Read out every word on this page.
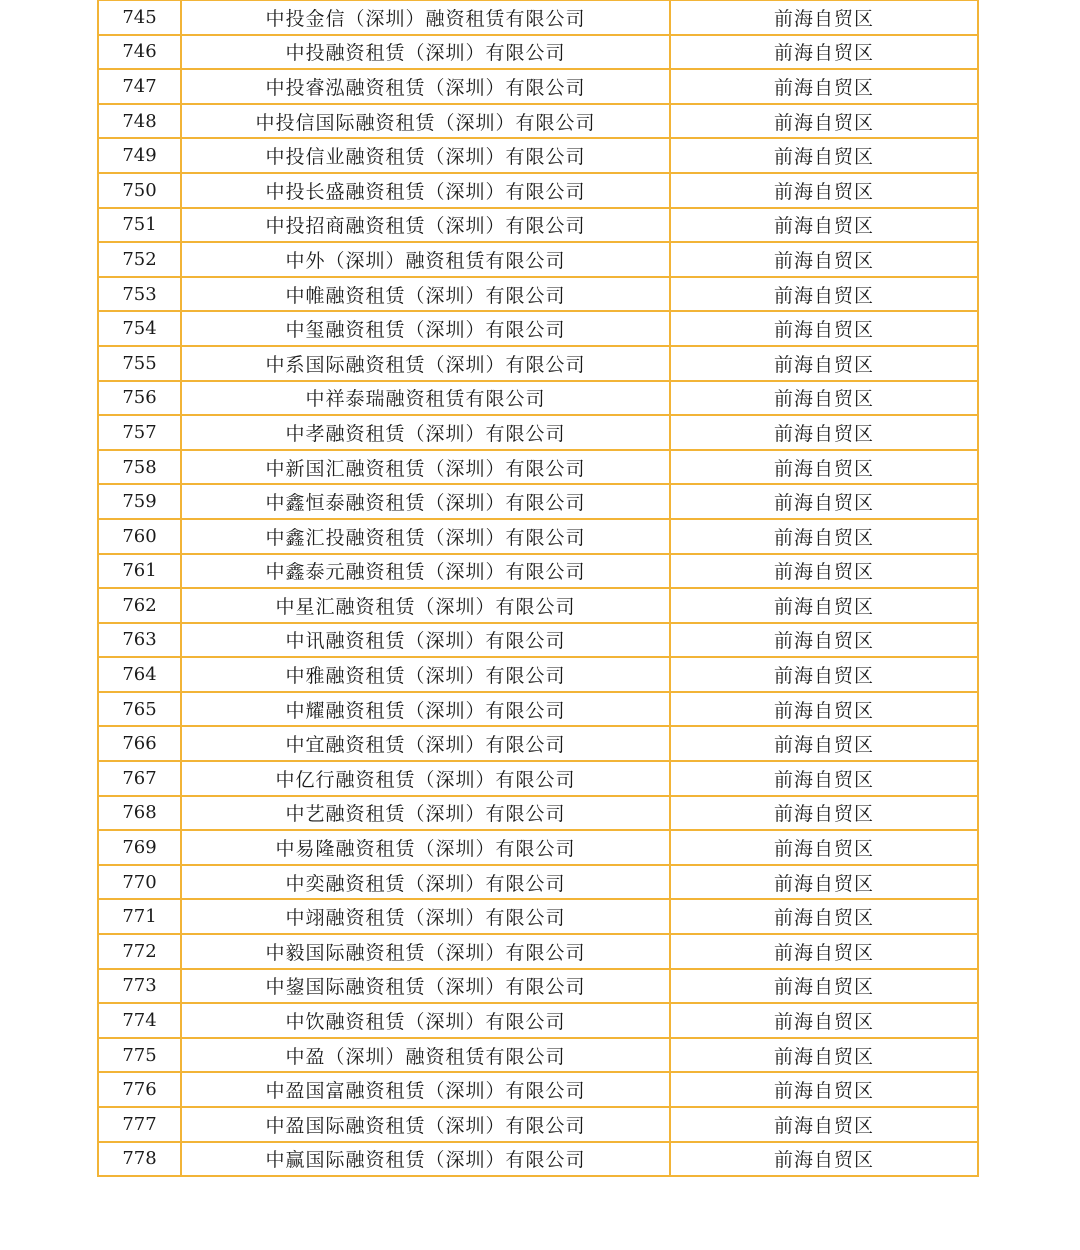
745	中投金信（深圳）融资租赁有限公司	前海自贸区
746	中投融资租赁（深圳）有限公司	前海自贸区
747	中投睿泓融资租赁（深圳）有限公司	前海自贸区
748	中投信国际融资租赁（深圳）有限公司	前海自贸区
749	中投信业融资租赁（深圳）有限公司	前海自贸区
750	中投长盛融资租赁（深圳）有限公司	前海自贸区
751	中投招商融资租赁（深圳）有限公司	前海自贸区
752	中外（深圳）融资租赁有限公司	前海自贸区
753	中帷融资租赁（深圳）有限公司	前海自贸区
754	中玺融资租赁（深圳）有限公司	前海自贸区
755	中系国际融资租赁（深圳）有限公司	前海自贸区
756	中祥泰瑞融资租赁有限公司	前海自贸区
757	中孝融资租赁（深圳）有限公司	前海自贸区
758	中新国汇融资租赁（深圳）有限公司	前海自贸区
759	中鑫恒泰融资租赁（深圳）有限公司	前海自贸区
760	中鑫汇投融资租赁（深圳）有限公司	前海自贸区
761	中鑫泰元融资租赁（深圳）有限公司	前海自贸区
762	中星汇融资租赁（深圳）有限公司	前海自贸区
763	中讯融资租赁（深圳）有限公司	前海自贸区
764	中雅融资租赁（深圳）有限公司	前海自贸区
765	中耀融资租赁（深圳）有限公司	前海自贸区
766	中宜融资租赁（深圳）有限公司	前海自贸区
767	中亿行融资租赁（深圳）有限公司	前海自贸区
768	中艺融资租赁（深圳）有限公司	前海自贸区
769	中易隆融资租赁（深圳）有限公司	前海自贸区
770	中奕融资租赁（深圳）有限公司	前海自贸区
771	中翊融资租赁（深圳）有限公司	前海自贸区
772	中毅国际融资租赁（深圳）有限公司	前海自贸区
773	中鋆国际融资租赁（深圳）有限公司	前海自贸区
774	中饮融资租赁（深圳）有限公司	前海自贸区
775	中盈（深圳）融资租赁有限公司	前海自贸区
776	中盈国富融资租赁（深圳）有限公司	前海自贸区
777	中盈国际融资租赁（深圳）有限公司	前海自贸区
778	中赢国际融资租赁（深圳）有限公司	前海自贸区
